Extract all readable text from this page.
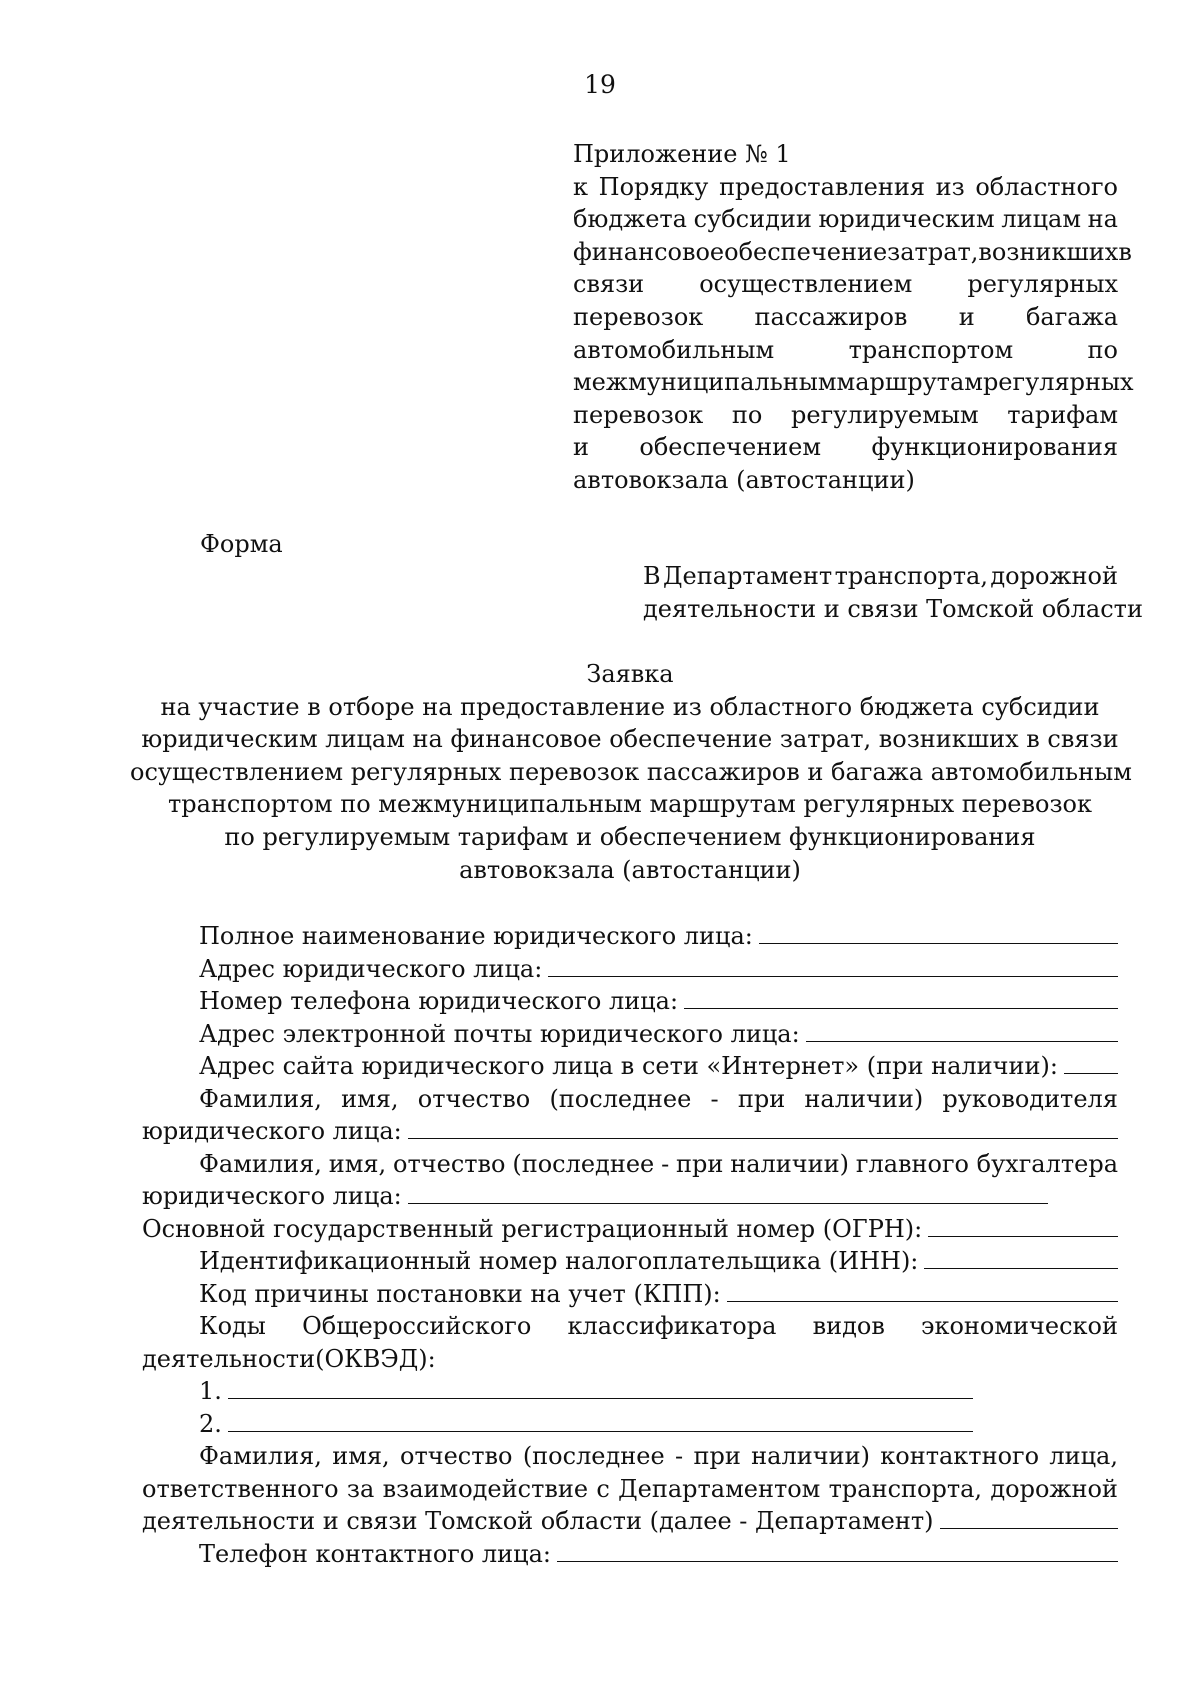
19
Приложение № 1
к Порядку предоставления из областного
бюджета субсидии юридическим лицам на
финансовое обеспечение затрат, возникших в
связи осуществлением регулярных
перевозок пассажиров и багажа
автомобильным	транспортом	по
межмуниципальным маршрутам регулярных
перевозок по регулируемым тарифам
и обеспечением функционирования
автовокзала (автостанции)
Форма
В Департамент транспорта, дорожной
деятельности и связи Томской области
Заявка
на участие в отборе на предоставление из областного бюджета субсидии
юридическим лицам на финансовое обеспечение затрат, возникших в связи
осуществлением регулярных перевозок пассажиров и багажа автомобильным
транспортом по межмуниципальным маршрутам регулярных перевозок
по регулируемым тарифам и обеспечением функционирования
автовокзала (автостанции)
Полное наименование юридического лица:
Адрес юридического лица:
Номер телефона юридического лица:
Адрес электронной почты юридического лица:
Адрес сайта юридического лица в сети «Интернет» (при наличии):
Фамилия, имя, отчество (последнее - при наличии) руководителя
юридического лица:
Фамилия, имя, отчество (последнее - при наличии) главного бухгалтера
юридического лица:
Основной государственный регистрационный номер (ОГРН):
Идентификационный номер налогоплательщика (ИНН):
Код причины постановки на учет (КПП):
Коды Общероссийского классификатора видов экономической
деятельности(ОКВЭД):
1.
2.
Фамилия, имя, отчество (последнее - при наличии) контактного лица,
ответственного за взаимодействие с Департаментом транспорта, дорожной
деятельности и связи Томской области (далее - Департамент)
Телефон контактного лица:
